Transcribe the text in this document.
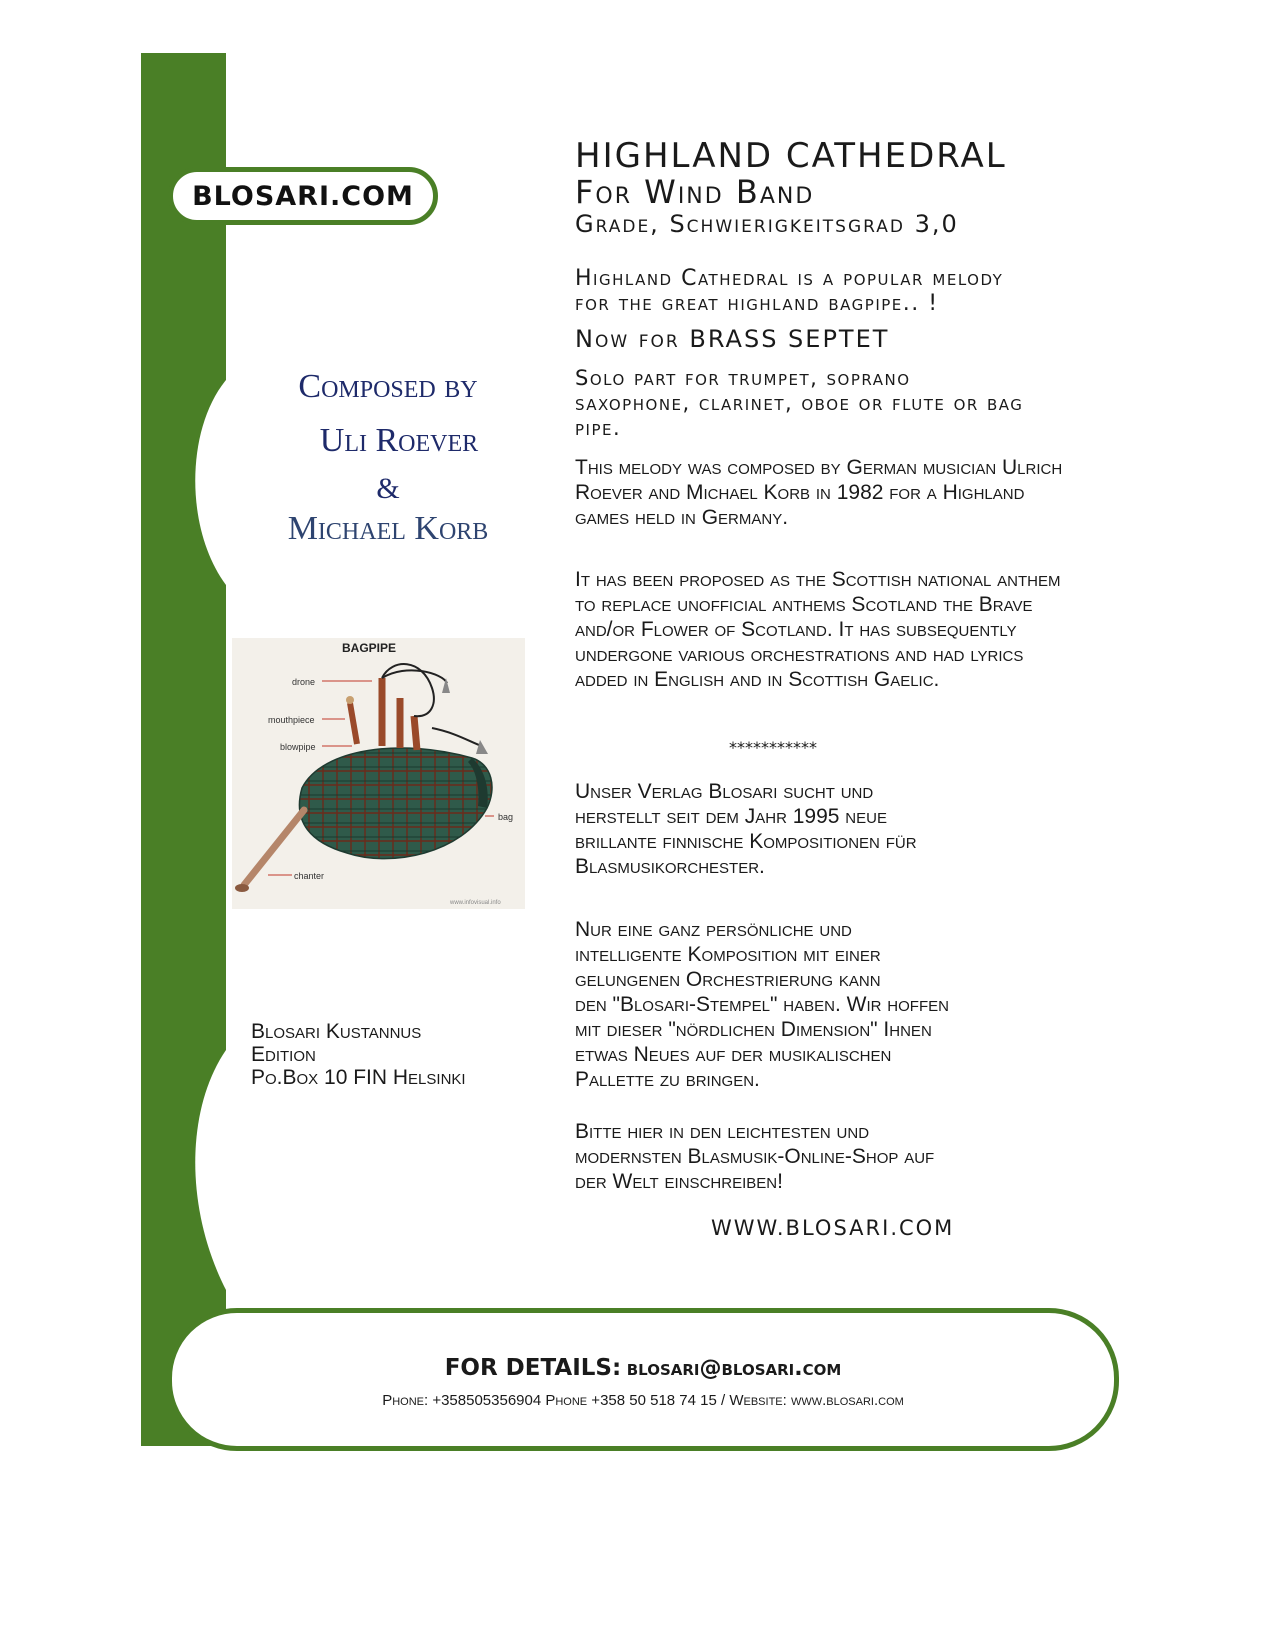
BLOSARI.COM
HIGHLAND CATHEDRAL
For Wind Band
Grade, Schwierigkeitsgrad 3,0
Highland Cathedral is a popular melody
for the great highland bagpipe.. !
Now for BRASS SEPTET
Solo part for trumpet, soprano
saxophone, clarinet, oboe or flute or bag
pipe.
This melody was composed by German musician Ulrich
Roever and Michael Korb in 1982 for a Highland
games held in Germany.
It has been proposed as the Scottish national anthem
to replace unofficial anthems Scotland the Brave
and/or Flower of Scotland. It has subsequently
undergone various orchestrations and had lyrics
added in English and in Scottish Gaelic.
***********
Unser Verlag Blosari sucht und
herstellt seit dem Jahr 1995 neue
brillante finnische Kompositionen für
Blasmusikorchester.
Nur eine ganz persönliche und
intelligente Komposition mit einer
gelungenen Orchestrierung kann
den "Blosari-Stempel" haben. Wir hoffen
mit dieser "nördlichen Dimension" Ihnen
etwas Neues auf der musikalischen
Pallette zu bringen.
Bitte hier in den leichtesten und
modernsten Blasmusik-Online-Shop auf
der Welt einschreiben!
WWW.BLOSARI.COM
Composed by
Uli Roever
&
Michael Korb
BAGPIPE
drone
mouthpiece
blowpipe
bag
chanter
www.infovisual.info
Blosari Kustannus
Edition
Po.Box 10 FIN Helsinki
FOR DETAILS: blosari@blosari.com
Phone: +358505356904 Phone +358 50 518 74 15 / Website: www.blosari.com
